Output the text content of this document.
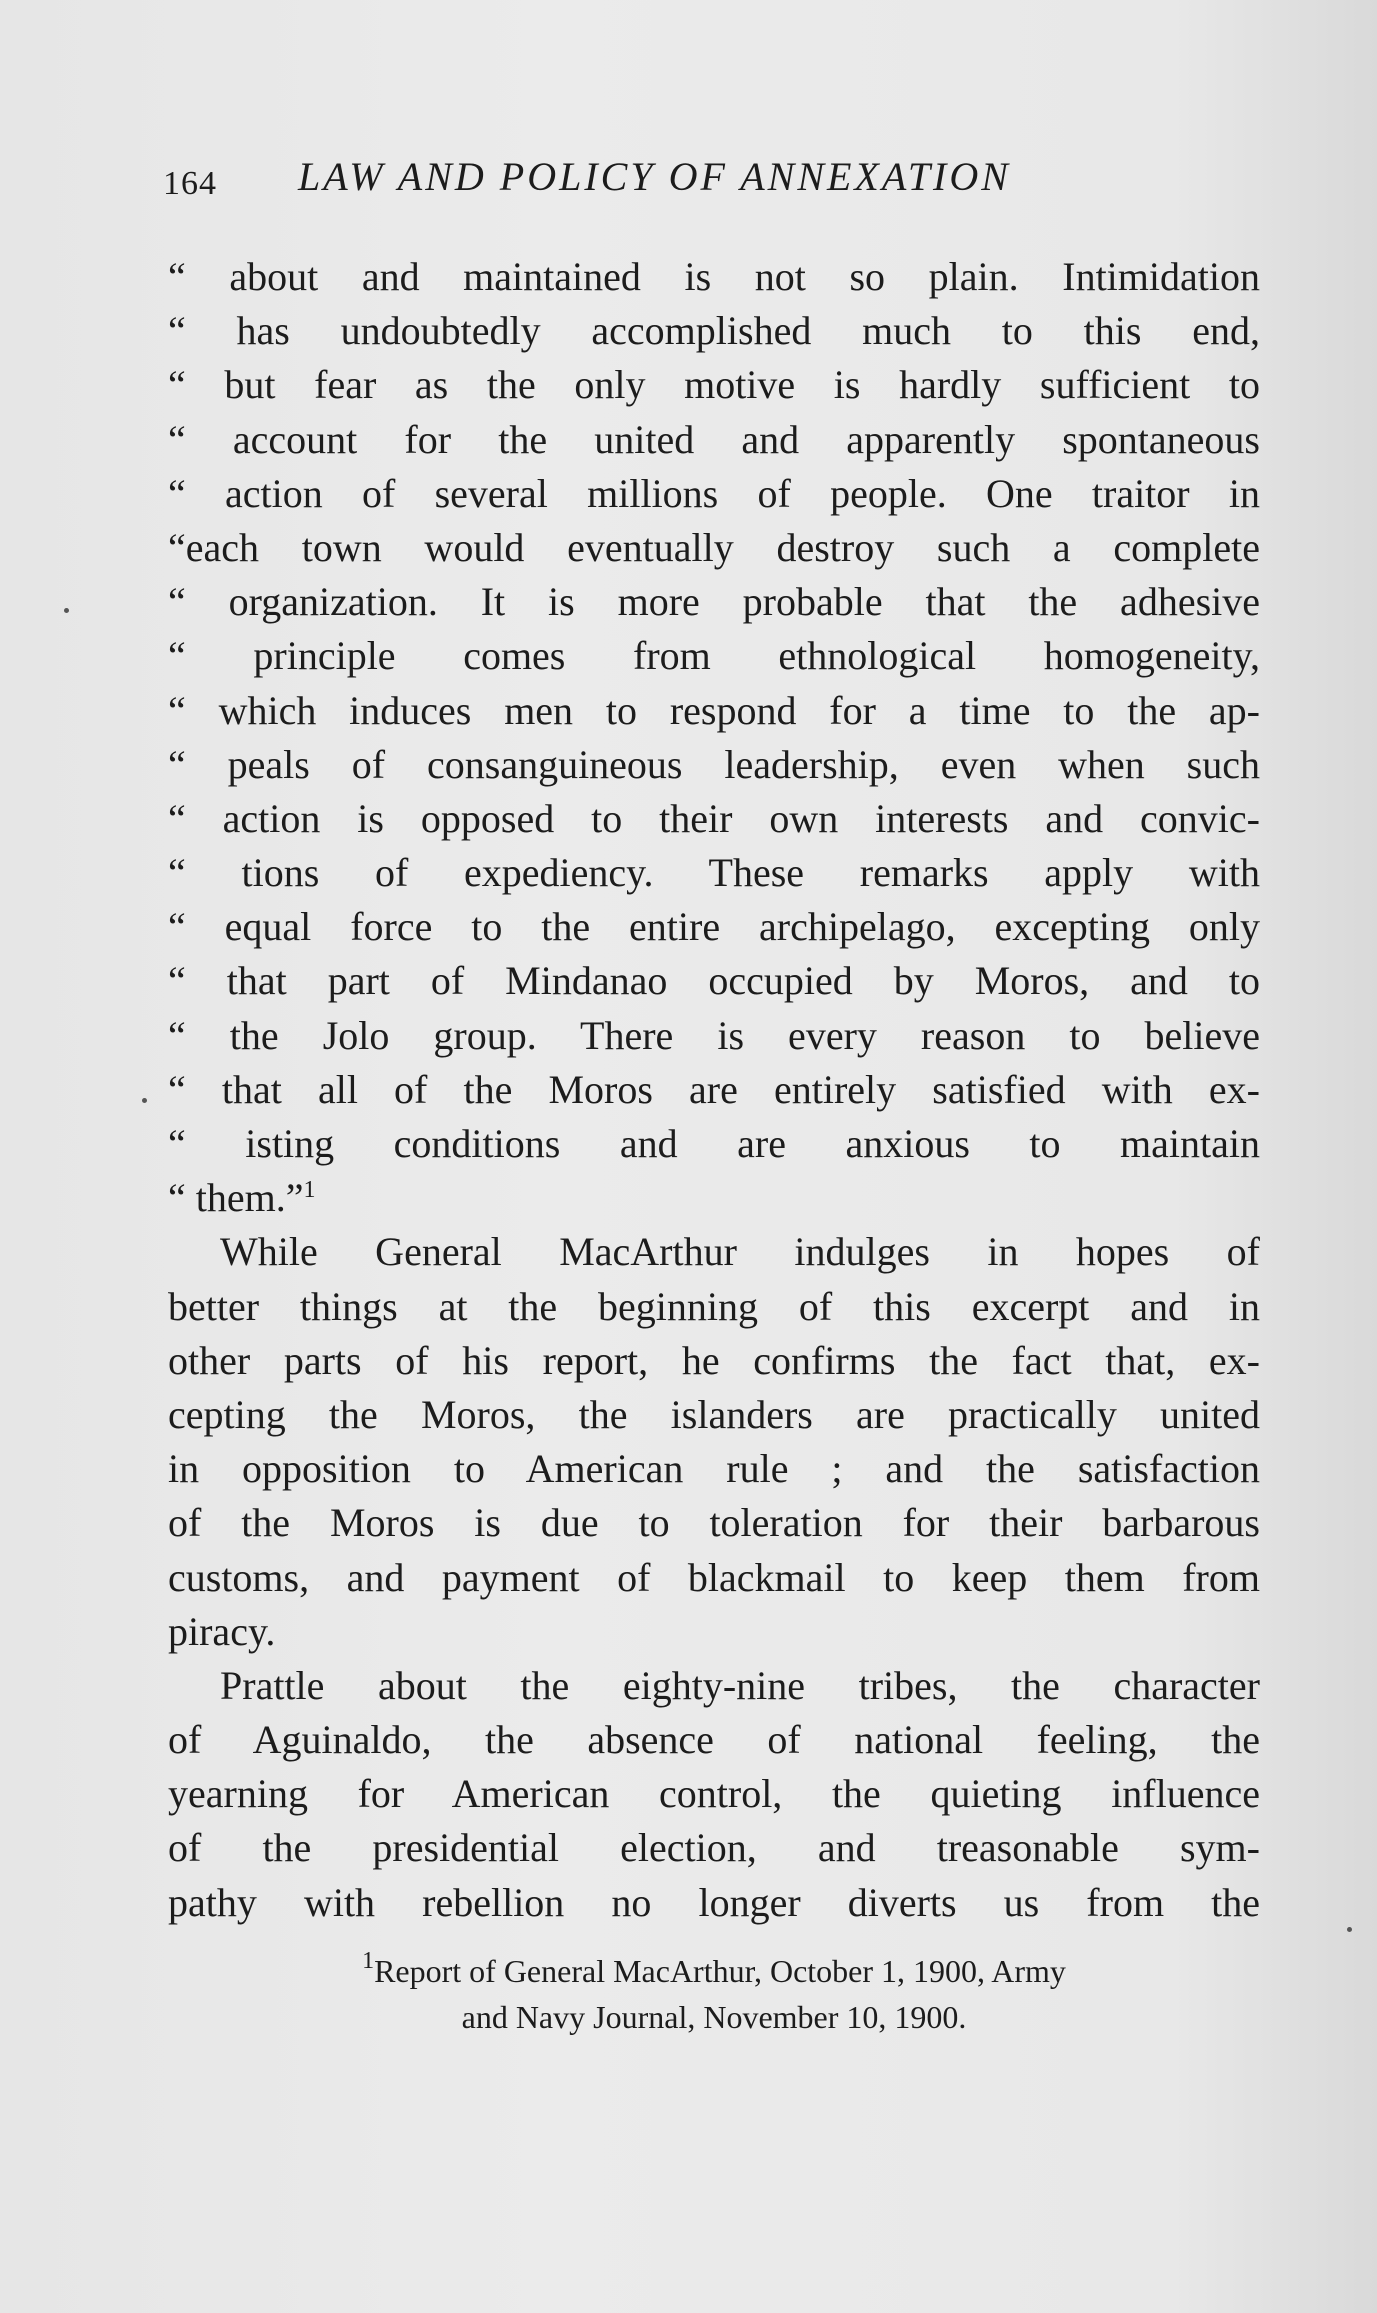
164 LAW AND POLICY OF ANNEXATION
“ about and maintained is not so plain. Intimidation
“ has undoubtedly accomplished much to this end,
“ but fear as the only motive is hardly sufficient to
“ account for the united and apparently spontaneous
“ action of several millions of people. One traitor in
“each town would eventually destroy such a complete
“ organization. It is more probable that the adhesive
“ principle comes from ethnological homogeneity,
“ which induces men to respond for a time to the ap-
“ peals of consanguineous leadership, even when such
“ action is opposed to their own interests and convic-
“ tions of expediency. These remarks apply with
“ equal force to the entire archipelago, excepting only
“ that part of Mindanao occupied by Moros, and to
“ the Jolo group. There is every reason to believe
“ that all of the Moros are entirely satisfied with ex-
“ isting conditions and are anxious to maintain
“ them.”$^1$
While General MacArthur indulges in hopes of
better things at the beginning of this excerpt and in
other parts of his report, he confirms the fact that, ex-
cepting the Moros, the islanders are practically united
in opposition to American rule ; and the satisfaction
of the Moros is due to toleration for their barbarous
customs, and payment of blackmail to keep them from
piracy.
Prattle about the eighty-nine tribes, the character
of Aguinaldo, the absence of national feeling, the
yearning for American control, the quieting influence
of the presidential election, and treasonable sym-
pathy with rebellion no longer diverts us from the
$^1$Report of General MacArthur, October 1, 1900, Army
and Navy Journal, November 10, 1900.
